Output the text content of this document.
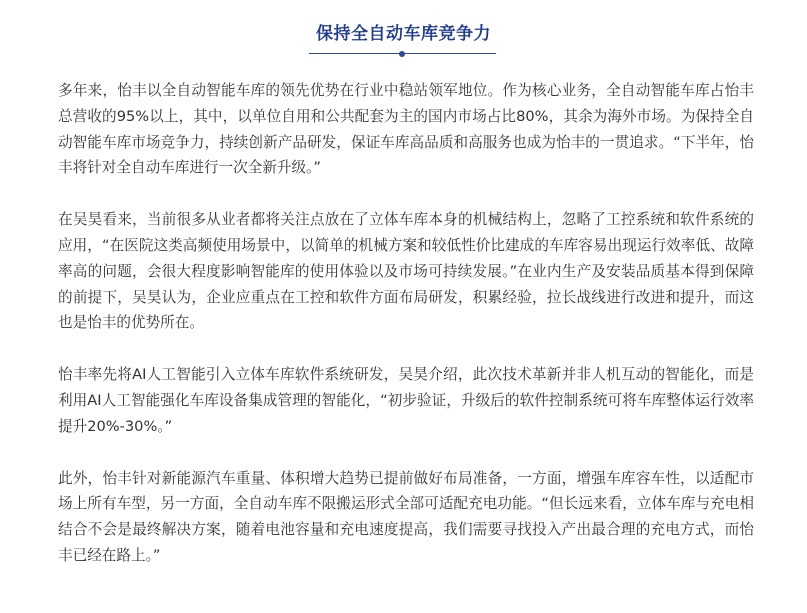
保持全自动车库竞争力

多年来，怡丰以全自动智能车库的领先优势在行业中稳站领军地位。作为核心业务，全自动智能车库占怡丰总营收的95%以上，其中，以单位自用和公共配套为主的国内市场占比80%，其余为海外市场。为保持全自动智能车库市场竞争力，持续创新产品研发，保证车库高品质和高服务也成为怡丰的一贯追求。“下半年，怡丰将针对全自动车库进行一次全新升级。”

在吴昊看来，当前很多从业者都将关注点放在了立体车库本身的机械结构上，忽略了工控系统和软件系统的应用，“在医院这类高频使用场景中，以简单的机械方案和较低性价比建成的车库容易出现运行效率低、故障率高的问题，会很大程度影响智能库的使用体验以及市场可持续发展。”在业内生产及安装品质基本得到保障的前提下，吴昊认为，企业应重点在工控和软件方面布局研发，积累经验，拉长战线进行改进和提升，而这也是怡丰的优势所在。

怡丰率先将AI人工智能引入立体车库软件系统研发，吴昊介绍，此次技术革新并非人机互动的智能化，而是利用AI人工智能强化车库设备集成管理的智能化，“初步验证，升级后的软件控制系统可将车库整体运行效率提升20%-30%。”

此外，怡丰针对新能源汽车重量、体积增大趋势已提前做好布局准备，一方面，增强车库容车性，以适配市场上所有车型，另一方面，全自动车库不限搬运形式全部可适配充电功能。“但长远来看，立体车库与充电相结合不会是最终解决方案，随着电池容量和充电速度提高，我们需要寻找投入产出最合理的充电方式，而怡丰已经在路上。”
